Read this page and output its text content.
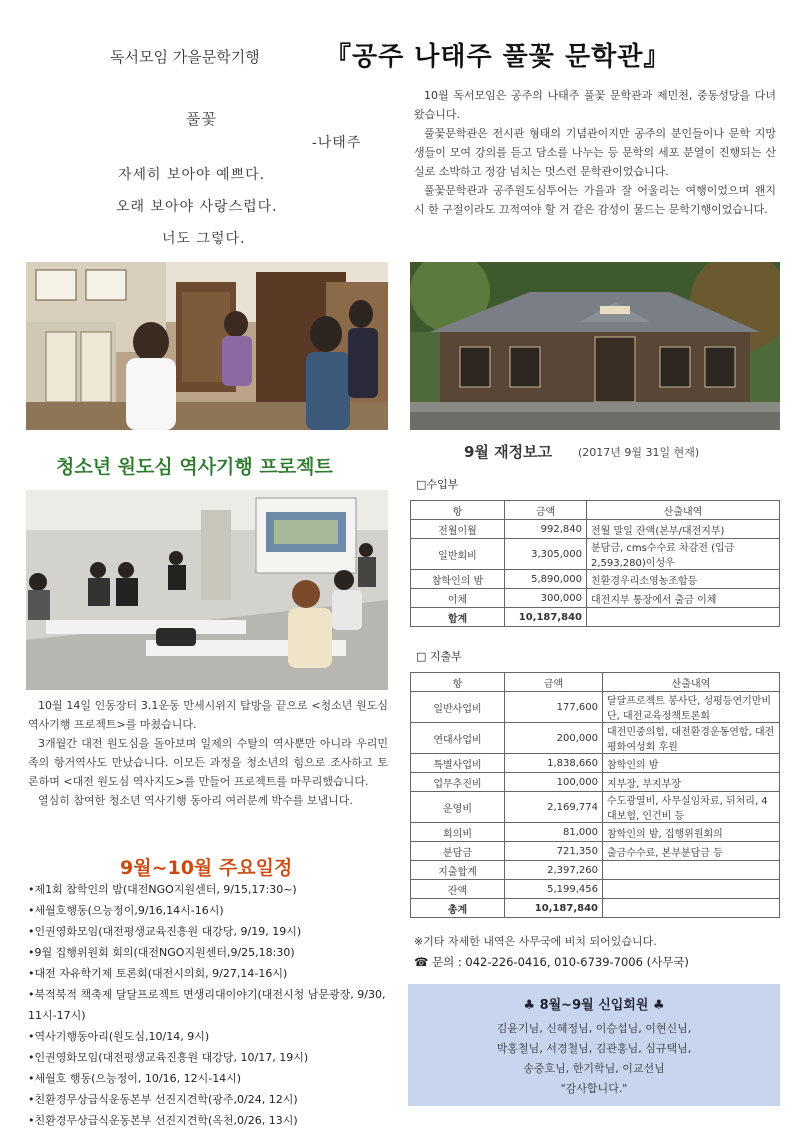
독서모임 가을문학기행	『공주 나태주 풀꽃 문학관』
풀꽃
-나태주
자세히 보아야 예쁘다.
오래 보아야 사랑스럽다.
너도 그렇다.

10월 독서모임은 공주의 나태주 풀꽃 문학관과 제민천, 중동성당을 다녀왔습니다.

풀꽃문학관은 전시관 형태의 기념관이지만 공주의 분인들이나 문학 지망생들이 모여 강의를 듣고 담소를 나누는 등 문학의 세포 분열이 진행되는 산실로 소박하고 정감 넘치는 멋스런 문학관이었습니다.

풀꽃문학관과 공주원도심투어는 가을과 잘 어울리는 여행이었으며 왠지 시 한 구절이라도 끄적여야 할 거 같은 감성이 물드는 문학기행이었습니다.

청소년 원도심 역사기행 프로젝트

10월 14일 인동장터 3.1운동 만세시위지 탐방을 끝으로 <청소년 원도심 역사기행 프로젝트>를 마쳤습니다.

3개월간 대전 원도심을 돌아보며 일제의 수탈의 역사뿐만 아니라 우리민족의 항거역사도 만났습니다. 이모든 과정을 청소년의 힘으로 조사하고 토론하며 <대전 원도심 역사지도>를 만들어 프로젝트를 마무리했습니다.

열심히 참여한 청소년 역사기행 동아리 여러분께 박수를 보냅니다.

9월~10월 주요일정
•제1회 참학인의 밤(대전NGO지원센터, 9/15,17:30~)
•세월호행동(으능정이,9/16,14시-16시)
•인권영화모임(대전평생교육진흥원 대강당, 9/19, 19시)
•9월 집행위원회 회의(대전NGO지원센터,9/25,18:30)
•대전 자유학기제 토론회(대전시의회, 9/27,14-16시)
•북적북적 책축제 달달프로젝트 면생리대이야기(대전시청 남문광장, 9/30, 11시-17시)
•역사기행동아리(원도심,10/14, 9시)
•인권영화모임(대전평생교육진흥원 대강당, 10/17, 19시)
•세월호 행동(으능정이, 10/16, 12시-14시)
•친환경무상급식운동본부 선진지견학(광주,0/24, 12시)
•친환경무상급식운동본부 선진지견학(옥천,0/26, 13시)
9월 재정보고 (2017년 9월 31일 현재)
□수입부
항	금액	산출내역
전월이월	992,840	전월 말일 잔액(본부/대전지부)
일반회비	3,305,000	분담금, cms수수료 차감전 (입금 2,593,280)이성우
참학인의 밤	5,890,000	친환경우리소영농조합등
이체	300,000	대전지부 통장에서 출금 이체
합계	10,187,840	
□ 지출부
항	금액	산출내역
일반사업비	177,600	달달프로젝트 봉사단, 성평등연기만비단, 대전교육정책토론회
연대사업비	200,000	대전민중의힘, 대전환경운동연합, 대전평화여성회 후원
특별사업비	1,838,660	참학인의 밤
업무추진비	100,000	지부장, 부지부장
운영비	2,169,774	수도광열비, 사무실임차료, 뒤처리, 4대보험, 인건비 등
회의비	81,000	참학인의 밤, 집행위원회의
분담금	721,350	출금수수료, 본부분담금 등
지출합계	2,397,260	
잔액	5,199,456	
총계	10,187,840	
※기타 자세한 내역은 사무국에 비치 되어있습니다.
☎ 문의 : 042-226-0416, 010-6739-7006 (사무국)
♣ 8월~9월 신입회원 ♣
김윤기님, 신혜정님, 이승섭님, 이현신님,
박홍철님, 서경철님, 김관홍님, 심규택님,
송중호님, 한기학님, 이교선님
"감사합니다."
